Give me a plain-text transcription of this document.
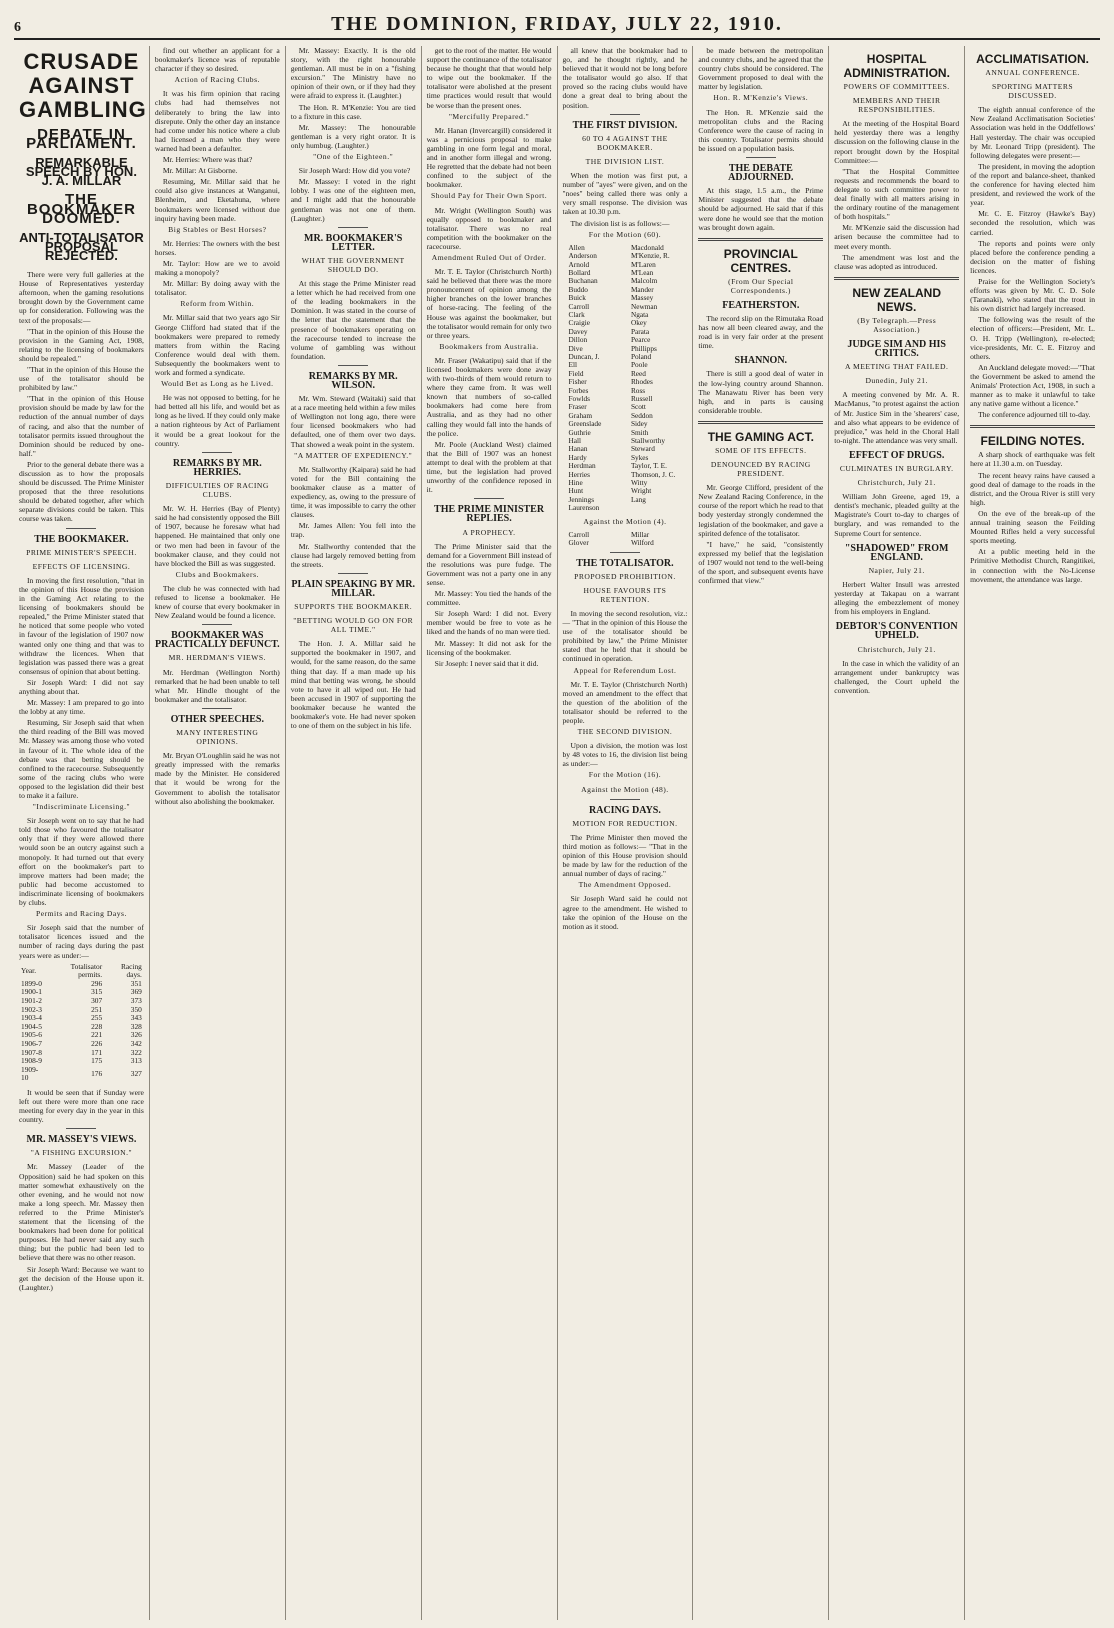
6	THE DOMINION, FRIDAY, JULY 22, 1910.
CRUSADE AGAINST GAMBLING
DEBATE IN PARLIAMENT.
REMARKABLE SPEECH BY HON. J. A. MILLAR
THE BOOKMAKER DOOMED.
ANTI-TOTALISATOR PROPOSAL REJECTED.

There were very full galleries at the House of Representatives yesterday afternoon, when the gaming resolutions brought down by the Government came up for consideration. Following was the text of the proposals:—

"That in the opinion of this House the provision in the Gaming Act, 1908, relating to the licensing of bookmakers should be repealed."

"That in the opinion of this House the use of the totalisator should be prohibited by law."

"That in the opinion of this House provision should be made by law for the reduction of the annual number of days of racing, and also that the number of totalisator permits issued throughout the Dominion should be reduced by one-half."

Prior to the general debate there was a discussion as to how the proposals should be discussed. The Prime Minister proposed that the three resolutions should be debated together, after which separate divisions could be taken. This course was taken.

THE BOOKMAKER.
PRIME MINISTER'S SPEECH.
EFFECTS OF LICENSING.

In moving the first resolution, "that in the opinion of this House the provision in the Gaming Act relating to the licensing of bookmakers should be repealed," the Prime Minister stated that he noticed that some people who voted in favour of the legislation of 1907 now wanted only one thing and that was to withdraw the licences. When that legislation was passed there was a great consensus of opinion that about betting.

Sir Joseph Ward: I did not say anything about that.

Mr. Massey: I am prepared to go into the lobby at any time.

Resuming, Sir Joseph said that when the third reading of the Bill was moved Mr. Massey was among those who voted in favour of it. The whole idea of the debate was that betting should be confined to the racecourse. Subsequently some of the racing clubs who were opposed to the legislation did their best to make it a failure.

"Indiscriminate Licensing."

Sir Joseph went on to say that he had told those who favoured the totalisator only that if they were allowed there would soon be an outcry against such a monopoly. It had turned out that every effort on the bookmaker's part to improve matters had been made; the public had become accustomed to indiscriminate licensing of bookmakers by clubs.

Permits and Racing Days.

Sir Joseph said that the number of totalisator licences issued and the number of racing days during the past years were as under:—

Year.	Totalisator permits.	Racing days.
1899-0	296	351
1900-1	315	369
1901-2	307	373
1902-3	251	350
1903-4	255	343
1904-5	228	328
1905-6	221	326
1906-7	226	342
1907-8	171	322
1908-9	175	313
1909-10	176	327

It would be seen that if Sunday were left out there were more than one race meeting for every day in the year in this country.

MR. MASSEY'S VIEWS.
"A FISHING EXCURSION."

Mr. Massey (Leader of the Opposition) said he had spoken on this matter somewhat exhaustively on the other evening, and he would not now make a long speech. Mr. Massey then referred to the Prime Minister's statement that the licensing of the bookmakers had been done for political purposes. He had never said any such thing; but the public had been led to believe that there was no other reason.

Sir Joseph Ward: Because we want to get the decision of the House upon it. (Laughter.)

find out whether an applicant for a bookmaker's licence was of reputable character if they so desired.

Action of Racing Clubs.

It was his firm opinion that racing clubs had had themselves not deliberately to bring the law into disrepute. Only the other day an instance had come under his notice where a club had licensed a man who they were warned had been a defaulter.

Mr. Herries: Where was that?

Mr. Millar: At Gisborne.

Resuming, Mr. Millar said that he could also give instances at Wanganui, Blenheim, and Eketahuna, where bookmakers were licensed without due inquiry having been made.

Big Stables or Best Horses?

Mr. Herries: The owners with the best horses.

Mr. Taylor: How are we to avoid making a monopoly?

Mr. Millar: By doing away with the totalisator.

Reform from Within.

Mr. Millar said that two years ago Sir George Clifford had stated that if the bookmakers were prepared to remedy matters from within the Racing Conference would deal with them. Subsequently the bookmakers went to work and formed a syndicate.

Would Bet as Long as he Lived.

He was not opposed to betting, for he had betted all his life, and would bet as long as he lived. If they could only make a nation righteous by Act of Parliament it would be a great lookout for the country.

REMARKS BY MR. HERRIES.
DIFFICULTIES OF RACING CLUBS.

Mr. W. H. Herries (Bay of Plenty) said he had consistently opposed the Bill of 1907, because he foresaw what had happened. He maintained that only one or two men had been in favour of the bookmaker clause, and they could not have blocked the Bill as was suggested.

Clubs and Bookmakers.

The club he was connected with had refused to license a bookmaker. He knew of course that every bookmaker in New Zealand would be found a licence.

BOOKMAKER WAS PRACTICALLY DEFUNCT.
MR. HERDMAN'S VIEWS.

Mr. Herdman (Wellington North) remarked that he had been unable to tell what Mr. Hindle thought of the bookmaker and the totalisator.

OTHER SPEECHES.
MANY INTERESTING OPINIONS.

Mr. Bryan O'Loughlin said he was not greatly impressed with the remarks made by the Minister. He considered that it would be wrong for the Government to abolish the totalisator without also abolishing the bookmaker.

Mr. Massey: Exactly. It is the old story, with the right honourable gentleman. All must be in on a "fishing excursion." The Ministry have no opinion of their own, or if they had they were afraid to express it. (Laughter.)

The Hon. R. M'Kenzie: You are tied to a fixture in this case.

Mr. Massey: The honourable gentleman is a very right orator. It is only humbug. (Laughter.)

"One of the Eighteen."

Sir Joseph Ward: How did you vote?

Mr. Massey: I voted in the right lobby. I was one of the eighteen men, and I might add that the honourable gentleman was not one of them. (Laughter.)

MR. BOOKMAKER'S LETTER.
WHAT THE GOVERNMENT SHOULD DO.

At this stage the Prime Minister read a letter which he had received from one of the leading bookmakers in the Dominion. It was stated in the course of the letter that the statement that the presence of bookmakers operating on the racecourse tended to increase the volume of gambling was without foundation.

REMARKS BY MR. WILSON.

Mr. Wm. Steward (Waitaki) said that at a race meeting held within a few miles of Wellington not long ago, there were four licensed bookmakers who had defaulted, one of them over two days. That showed a weak point in the system.

"A MATTER OF EXPEDIENCY."

Mr. Stallworthy (Kaipara) said he had voted for the Bill containing the bookmaker clause as a matter of expediency, as, owing to the pressure of time, it was impossible to carry the other clauses.

Mr. James Allen: You fell into the trap.

Mr. Stallworthy contended that the clause had largely removed betting from the streets.

PLAIN SPEAKING BY MR. MILLAR.
SUPPORTS THE BOOKMAKER.
"BETTING WOULD GO ON FOR ALL TIME."

The Hon. J. A. Millar said he supported the bookmaker in 1907, and would, for the same reason, do the same thing that day. If a man made up his mind that betting was wrong, he should vote to have it all wiped out. He had been accused in 1907 of supporting the bookmaker because he wanted the bookmaker's vote. He had never spoken to one of them on the subject in his life.

get to the root of the matter. He would support the continuance of the totalisator because he thought that that would help to wipe out the bookmaker. If the totalisator were abolished at the present time practices would result that would be worse than the present ones.

"Mercifully Prepared."

Mr. Hanan (Invercargill) considered it was a pernicious proposal to make gambling in one form legal and moral, and in another form illegal and wrong. He regretted that the debate had not been confined to the subject of the bookmaker.

Should Pay for Their Own Sport.

Mr. Wright (Wellington South) was equally opposed to bookmaker and totalisator. There was no real competition with the bookmaker on the racecourse.

Amendment Ruled Out of Order.

Mr. T. E. Taylor (Christchurch North) said he believed that there was the more pronouncement of opinion among the higher branches on the lower branches of horse-racing. The feeling of the House was against the bookmaker, but the totalisator would remain for only two or three years.

Bookmakers from Australia.

Mr. Fraser (Wakatipu) said that if the licensed bookmakers were done away with two-thirds of them would return to where they came from. It was well known that numbers of so-called bookmakers had come here from Australia, and as they had no other calling they would fall into the hands of the police.

Mr. Poole (Auckland West) claimed that the Bill of 1907 was an honest attempt to deal with the problem at that time, but the legislation had proved unworthy of the confidence reposed in it.

THE PRIME MINISTER REPLIES.
A PROPHECY.

The Prime Minister said that the demand for a Government Bill instead of the resolutions was pure fudge. The Government was not a party one in any sense.

Mr. Massey: You tied the hands of the committee.

Sir Joseph Ward: I did not. Every member would be free to vote as he liked and the hands of no man were tied.

Mr. Massey: It did not ask for the licensing of the bookmaker.

Sir Joseph: I never said that it did.

all knew that the bookmaker had to go, and he thought rightly, and he believed that it would not be long before the totalisator would go also. If that proved so the racing clubs would have done a great deal to bring about the position.

THE FIRST DIVISION.
60 TO 4 AGAINST THE BOOKMAKER.
THE DIVISION LIST.

When the motion was first put, a number of "ayes" were given, and on the "noes" being called there was only a very small response. The division was taken at 10.30 p.m.

The division list is as follows:—

For the Motion (60).
Allen	Macdonald
Anderson	M'Kenzie, R.
Arnold	M'Laren
Bollard	M'Lean
Buchanan	Malcolm
Buddo	Mander
Buick	Massey
Carroll	Newman
Clark	Ngata
Craigie	Okey
Davey	Parata
Dillon	Pearce
Dive	Phillipps
Duncan, J.	Poland
Ell	Poole
Field	Reed
Fisher	Rhodes
Forbes	Ross
Fowlds	Russell
Fraser	Scott
Graham	Seddon
Greenslade	Sidey
Guthrie	Smith
Hall	Stallworthy
Hanan	Steward
Hardy	Sykes
Herdman	Taylor, T. E.
Herries	Thomson, J. C.
Hine	Witty
Hunt	Wright
Jennings	Lang
Laurenson
Against the Motion (4).
Carroll	Millar
Glover	Wilford
THE TOTALISATOR.
PROPOSED PROHIBITION.
HOUSE FAVOURS ITS RETENTION.

In moving the second resolution, viz.:— "That in the opinion of this House the use of the totalisator should be prohibited by law," the Prime Minister stated that he held that it should be continued in operation.

Appeal for Referendum Lost.

Mr. T. E. Taylor (Christchurch North) moved an amendment to the effect that the question of the abolition of the totalisator should be referred to the people.

THE SECOND DIVISION.

Upon a division, the motion was lost by 48 votes to 16, the division list being as under:—

For the Motion (16).
Against the Motion (48).
RACING DAYS.
MOTION FOR REDUCTION.

The Prime Minister then moved the third motion as follows:— "That in the opinion of this House provision should be made by law for the reduction of the annual number of days of racing."

The Amendment Opposed.

Sir Joseph Ward said he could not agree to the amendment. He wished to take the opinion of the House on the motion as it stood.

be made between the metropolitan and country clubs, and he agreed that the country clubs should be considered. The Government proposed to deal with the matter by legislation.

Hon. R. M'Kenzie's Views.

The Hon. R. M'Kenzie said the metropolitan clubs and the Racing Conference were the cause of racing in this country. Totalisator permits should be issued on a population basis.

THE DEBATE ADJOURNED.

At this stage, 1.5 a.m., the Prime Minister suggested that the debate should be adjourned. He said that if this were done he would see that the motion was brought down again.

PROVINCIAL CENTRES.
(From Our Special Correspondents.)
FEATHERSTON.

The record slip on the Rimutaka Road has now all been cleared away, and the road is in very fair order at the present time.

SHANNON.

There is still a good deal of water in the low-lying country around Shannon. The Manawatu River has been very high, and in parts is causing considerable trouble.

THE GAMING ACT.
SOME OF ITS EFFECTS.
DENOUNCED BY RACING PRESIDENT.

Mr. George Clifford, president of the New Zealand Racing Conference, in the course of the report which he read to that body yesterday strongly condemned the legislation of the bookmaker, and gave a spirited defence of the totalisator.

"I have," he said, "consistently expressed my belief that the legislation of 1907 would not tend to the well-being of the sport, and subsequent events have confirmed that view."

HOSPITAL ADMINISTRATION.
POWERS OF COMMITTEES.
MEMBERS AND THEIR RESPONSIBILITIES.

At the meeting of the Hospital Board held yesterday there was a lengthy discussion on the following clause in the report brought down by the Hospital Committee:—

"That the Hospital Committee requests and recommends the board to delegate to such committee power to deal finally with all matters arising in the ordinary routine of the management of both hospitals."

Mr. M'Kenzie said the discussion had arisen because the committee had to meet every month.

The amendment was lost and the clause was adopted as introduced.

NEW ZEALAND NEWS.
(By Telegraph.—Press Association.)
JUDGE SIM AND HIS CRITICS.
A MEETING THAT FAILED.
Dunedin, July 21.

A meeting convened by Mr. A. R. MacManus, "to protest against the action of Mr. Justice Sim in the 'shearers' case, and also what appears to be evidence of prejudice," was held in the Choral Hall to-night. The attendance was very small.

EFFECT OF DRUGS.
CULMINATES IN BURGLARY.
Christchurch, July 21.

William John Greene, aged 19, a dentist's mechanic, pleaded guilty at the Magistrate's Court to-day to charges of burglary, and was remanded to the Supreme Court for sentence.

"SHADOWED" FROM ENGLAND.
Napier, July 21.

Herbert Walter Insull was arrested yesterday at Takapau on a warrant alleging the embezzlement of money from his employers in England.

DEBTOR'S CONVENTION UPHELD.
Christchurch, July 21.

In the case in which the validity of an arrangement under bankruptcy was challenged, the Court upheld the convention.

ACCLIMATISATION.
ANNUAL CONFERENCE.
SPORTING MATTERS DISCUSSED.

The eighth annual conference of the New Zealand Acclimatisation Societies' Association was held in the Oddfellows' Hall yesterday. The chair was occupied by Mr. Leonard Tripp (president). The following delegates were present:—

The president, in moving the adoption of the report and balance-sheet, thanked the conference for having elected him president, and reviewed the work of the year.

Mr. C. E. Fitzroy (Hawke's Bay) seconded the resolution, which was carried.

The reports and points were only placed before the conference pending a decision on the matter of fishing licences.

Praise for the Wellington Society's efforts was given by Mr. C. D. Sole (Taranaki), who stated that the trout in his own district had largely increased.

The following was the result of the election of officers:—President, Mr. L. O. H. Tripp (Wellington), re-elected; vice-presidents, Mr. C. E. Fitzroy and others.

An Auckland delegate moved:—"That the Government be asked to amend the Animals' Protection Act, 1908, in such a manner as to make it unlawful to take any native game without a licence."

The conference adjourned till to-day.

FEILDING NOTES.

A sharp shock of earthquake was felt here at 11.30 a.m. on Tuesday.

The recent heavy rains have caused a good deal of damage to the roads in the district, and the Oroua River is still very high.

On the eve of the break-up of the annual training season the Feilding Mounted Rifles held a very successful sports meeting.

At a public meeting held in the Primitive Methodist Church, Rangitikei, in connection with the No-License movement, the attendance was large.
